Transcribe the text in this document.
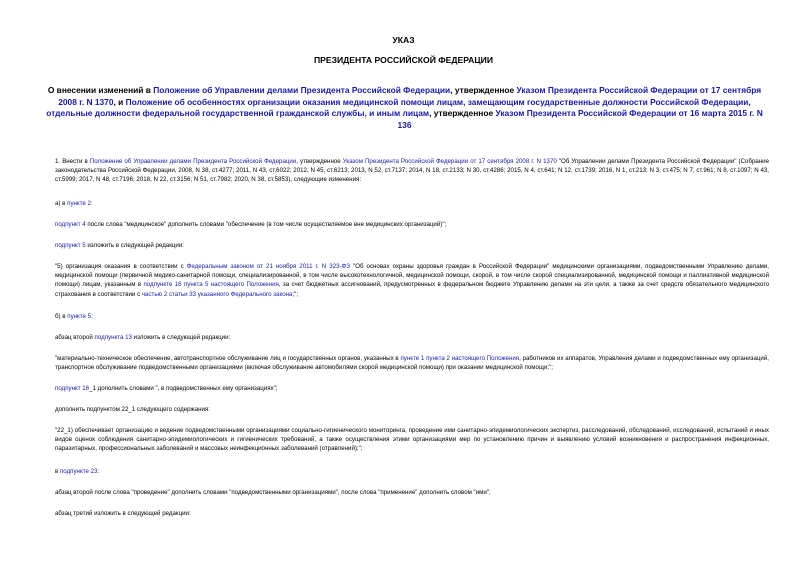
УКАЗ
ПРЕЗИДЕНТА РОССИЙСКОЙ ФЕДЕРАЦИИ
О внесении изменений в Положение об Управлении делами Президента Российской Федерации, утвержденное Указом Президента Российской Федерации от 17 сентября 2008 г. N 1370, и Положение об особенностях организации оказания медицинской помощи лицам, замещающим государственные должности Российской Федерации, отдельные должности федеральной государственной гражданской службы, и иным лицам, утвержденное Указом Президента Российской Федерации от 16 марта 2015 г. N 136
1. Внести в Положение об Управлении делами Президента Российской Федерации, утвержденное Указом Президента Российской Федерации от 17 сентября 2008 г. N 1370 "Об Управлении делами Президента Российской Федерации" (Собрание законодательства Российской Федерации, 2008, N 38, ст.4277; 2011, N 43, ст.6022; 2012, N 45, ст.6213; 2013, N 52, ст.7137; 2014, N 18, ст.2133; N 30, ст.4286; 2015, N 4, ст.641; N 12, ст.1739; 2016, N 1, ст.213; N 3, ст.475; N 7, ст.961; N 8, ст.1097; N 43, ст.5999; 2017, N 48, ст.7196; 2018, N 22, ст.3156; N 51, ст.7982; 2020, N 38, ст.5853), следующие изменения:
а) в пункте 2:
подпункт 4 после слова "медицинское" дополнить словами "обеспечение (в том числе осуществляемое вне медицинских организаций)";
подпункт 5 изложить в следующей редакции:
"5) организация оказания в соответствии с Федеральным законом от 21 ноября 2011 г. N 323-ФЗ "Об основах охраны здоровья граждан в Российской Федерации" медицинскими организациями, подведомственными Управлению делами, медицинской помощи (первичной медико-санитарной помощи, специализированной, в том числе высокотехнологичной, медицинской помощи, скорой, в том числе скорой специализированной, медицинской помощи и паллиативной медицинской помощи) лицам, указанным в подпункте 16 пункта 5 настоящего Положения, за счет бюджетных ассигнований, предусмотренных в федеральном бюджете Управлению делами на эти цели, а также за счет средств обязательного медицинского страхования в соответствии с частью 2 статьи 33 указанного Федерального закона;";
б) в пункте 5:
абзац второй подпункта 13 изложить в следующей редакции:
"материально-техническое обеспечение, автотранспортное обслуживание лиц и государственных органов, указанных в пункте 1 пункта 2 настоящего Положения, работников их аппаратов, Управления делами и подведомственных ему организаций, транспортное обслуживание подведомственными организациями (включая обслуживание автомобилями скорой медицинской помощи) при оказании медицинской помощи;";
подпункт 16_1 дополнить словами ", в подведомственных ему организациях";
дополнить подпунктом 22_1 следующего содержания:
"22_1) обеспечивает организацию и ведение подведомственными организациями социально-гигиенического мониторинга, проведение ими санитарно-эпидемиологических экспертиз, расследований, обследований, исследований, испытаний и иных видов оценок соблюдения санитарно-эпидемиологических и гигиенических требований, а также осуществления этими организациями мер по установлению причин и выявлению условий возникновения и распространения инфекционных, паразитарных, профессиональных заболеваний и массовых неинфекционных заболеваний (отравлений);";
в подпункте 23:
абзац второй после слова "проведение" дополнить словами "подведомственными организациями", после слова "применение" дополнить словом "ими";
абзац третий изложить в следующей редакции:
